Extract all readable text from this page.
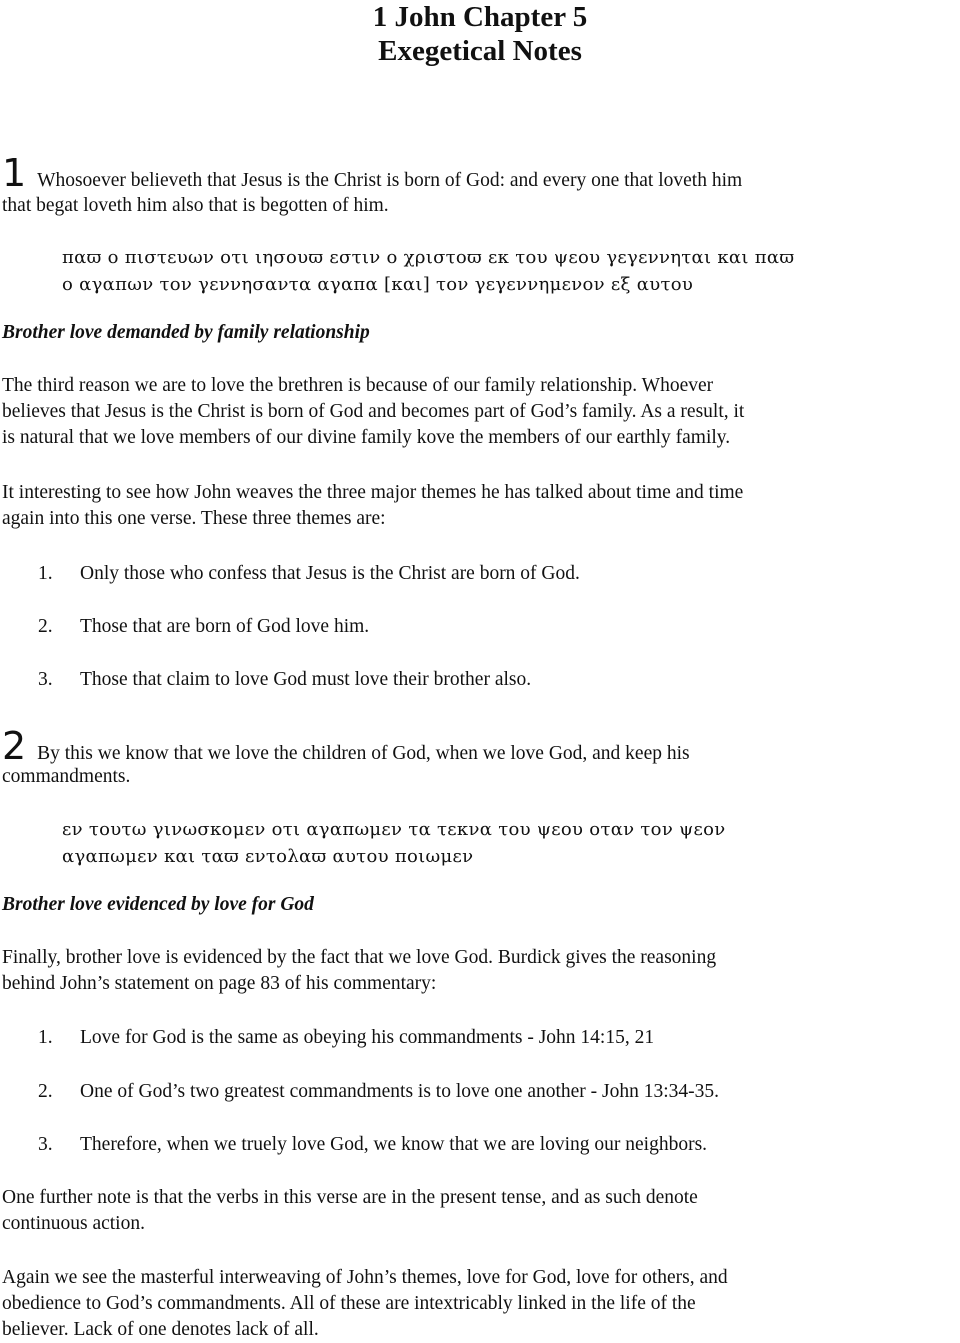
1 John Chapter 5
Exegetical Notes
1 Whosoever believeth that Jesus is the Christ is born of God: and every one that loveth him
that begat loveth him also that is begotten of him.
παϖ ο πιστευων οτι ιησουϖ εστιν ο χριστοϖ εκ του ψεου γεγεννηται και παϖ
ο αγαπων τον γεννησαντα αγαπα [και] τον γεγεννημενον εξ αυτου
Brother love demanded by family relationship
The third reason we are to love the brethren is because of our family relationship. Whoever
believes that Jesus is the Christ is born of God and becomes part of God’s family. As a result, it
is natural that we love members of our divine family kove the members of our earthly family.
It interesting to see how John weaves the three major themes he has talked about time and time
again into this one verse. These three themes are:
1. Only those who confess that Jesus is the Christ are born of God.
2. Those that are born of God love him.
3. Those that claim to love God must love their brother also.
2 By this we know that we love the children of God, when we love God, and keep his
commandments.
εν τουτω γινωσκομεν οτι αγαπωμεν τα τεκνα του ψεου οταν τον ψεον
αγαπωμεν και ταϖ εντολαϖ αυτου ποιωμεν
Brother love evidenced by love for God
Finally, brother love is evidenced by the fact that we love God. Burdick gives the reasoning
behind John’s statement on page 83 of his commentary:
1. Love for God is the same as obeying his commandments - John 14:15, 21
2. One of God’s two greatest commandments is to love one another - John 13:34-35.
3. Therefore, when we truely love God, we know that we are loving our neighbors.
One further note is that the verbs in this verse are in the present tense, and as such denote
continuous action.
Again we see the masterful interweaving of John’s themes, love for God, love for others, and
obedience to God’s commandments. All of these are intextricably linked in the life of the
believer. Lack of one denotes lack of all.
